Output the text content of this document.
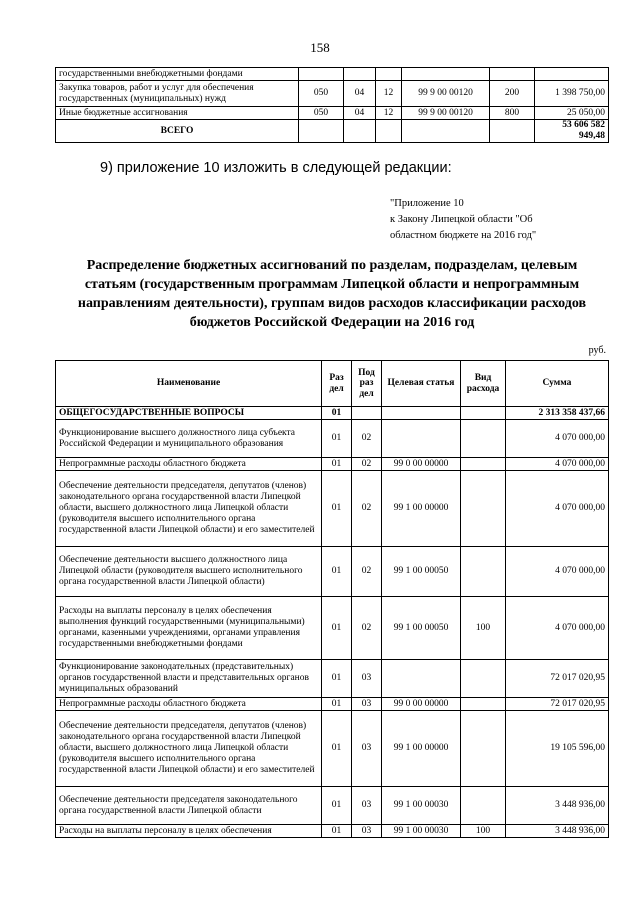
158
государственными внебюджетными фондами						
Закупка товаров, работ и услуг для обеспечения государственных (муниципальных) нужд	050	04	12	99 9 00 00120	200	1 398 750,00
Иные бюджетные ассигнования	050	04	12	99 9 00 00120	800	25 050,00
ВСЕГО						53 606 582 949,48
9) приложение 10 изложить в следующей редакции:
"Приложение 10
к Закону Липецкой области "Об
областном бюджете на 2016 год"
Распределение бюджетных ассигнований по разделам, подразделам, целевым статьям (государственным программам Липецкой области и непрограммным направлениям деятельности), группам видов расходов классификации расходов бюджетов Российской Федерации на 2016 год
руб.
Наименование	Раз дел	Под раз дел	Целевая статья	Вид расхода	Сумма
ОБЩЕГОСУДАРСТВЕННЫЕ ВОПРОСЫ	01				2 313 358 437,66
Функционирование высшего должностного лица субъекта Российской Федерации и муниципального образования	01	02			4 070 000,00
Непрограммные расходы областного бюджета	01	02	99 0 00 00000		4 070 000,00
Обеспечение деятельности председателя, депутатов (членов) законодательного органа государственной власти Липецкой области, высшего должностного лица Липецкой области (руководителя высшего исполнительного органа государственной власти Липецкой области) и его заместителей	01	02	99 1 00 00000		4 070 000,00
Обеспечение деятельности высшего должностного лица Липецкой области (руководителя высшего исполнительного органа государственной власти Липецкой области)	01	02	99 1 00 00050		4 070 000,00
Расходы на выплаты персоналу в целях обеспечения выполнения функций государственными (муниципальными) органами, казенными учреждениями, органами управления государственными внебюджетными фондами	01	02	99 1 00 00050	100	4 070 000,00
Функционирование законодательных (представительных) органов государственной власти и представительных органов муниципальных образований	01	03			72 017 020,95
Непрограммные расходы областного бюджета	01	03	99 0 00 00000		72 017 020,95
Обеспечение деятельности председателя, депутатов (членов) законодательного органа государственной власти Липецкой области, высшего должностного лица Липецкой области (руководителя высшего исполнительного органа государственной власти Липецкой области) и его заместителей	01	03	99 1 00 00000		19 105 596,00
Обеспечение деятельности председателя законодательного органа государственной власти Липецкой области	01	03	99 1 00 00030		3 448 936,00
Расходы на выплаты персоналу в целях обеспечения	01	03	99 1 00 00030	100	3 448 936,00
